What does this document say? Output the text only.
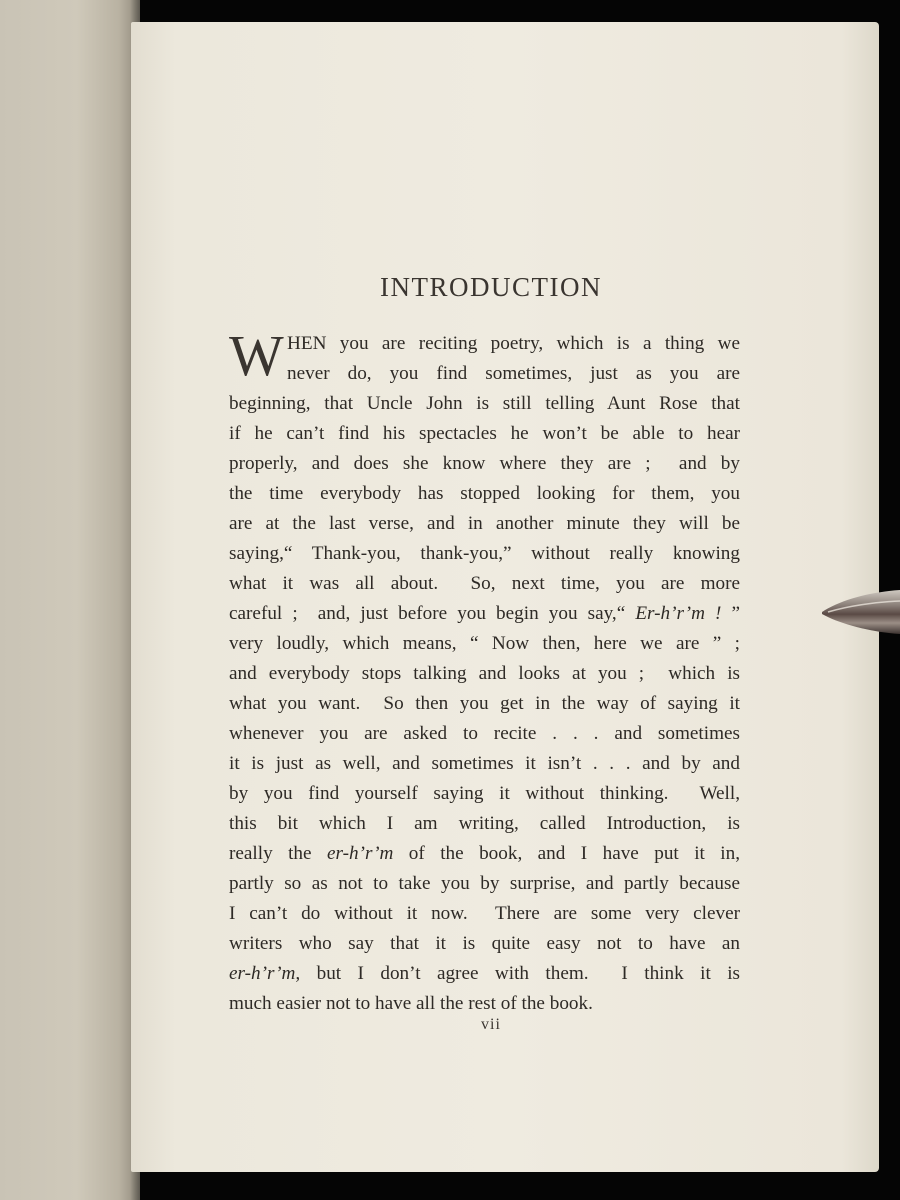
INTRODUCTION
W HEN you are reciting poetry, which is a thing we
never do, you find sometimes, just as you are
beginning, that Uncle John is still telling Aunt Rose that
if he can’t find his spectacles he won’t be able to hear
properly, and does she know where they are ;  and by
the time everybody has stopped looking for them, you
are at the last verse, and in another minute they will be
saying,“ Thank-you, thank-you,” without really knowing
what it was all about.  So, next time, you are more
careful ;  and, just before you begin you say,“ Er-h’r’m ! ”
very loudly, which means, “ Now then, here we are ” ;
and everybody stops talking and looks at you ;  which is
what you want.  So then you get in the way of saying it
whenever you are asked to recite . . . and sometimes
it is just as well, and sometimes it isn’t . . . and by and
by you find yourself saying it without thinking.  Well,
this bit which I am writing, called Introduction, is
really the er-h’r’m of the book, and I have put it in,
partly so as not to take you by surprise, and partly because
I can’t do without it now.  There are some very clever
writers who say that it is quite easy not to have an
er-h’r’m, but I don’t agree with them.  I think it is
much easier not to have all the rest of the book.
vii
